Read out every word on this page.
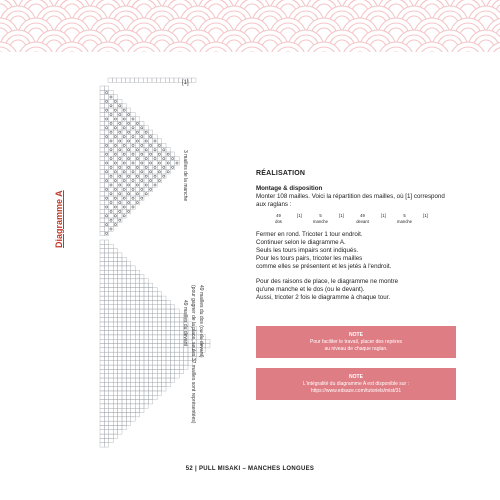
Diagramme A
3 mailles de la manche
49 mailles du devant (pour gagner de la place, seules 37 mailles sont représentées) 49 mailles du dos (ou du devant)
[1]
RÉALISATION
Montage & disposition

Monter 108 mailles. Voici la répartition des mailles, où [1] correspond aux raglans :

49
dos
[1]	5
manche
[1]	49
devant
[1]	5
manche
[1]

Fermer en rond. Tricoter 1 tour endroit.

Continuer selon le diagramme A.

Seuls les tours impairs sont indiqués.

Pour les tours pairs, tricoter les mailles

comme elles se présentent et les jetés à l'endroit.

Pour des raisons de place, le diagramme ne montre

qu'une manche et le dos (ou le devant).

Aussi, tricoter 2 fois le diagramme à chaque tour.

NOTE
Pour faciliter le travail, placer des repères
au niveau de chaque raglan.
NOTE
L'intégralité du diagramme A est disponible sur :
https://www.edsaze.com/tutoriels/mist/31
52 | PULL MISAKI – MANCHES LONGUES
